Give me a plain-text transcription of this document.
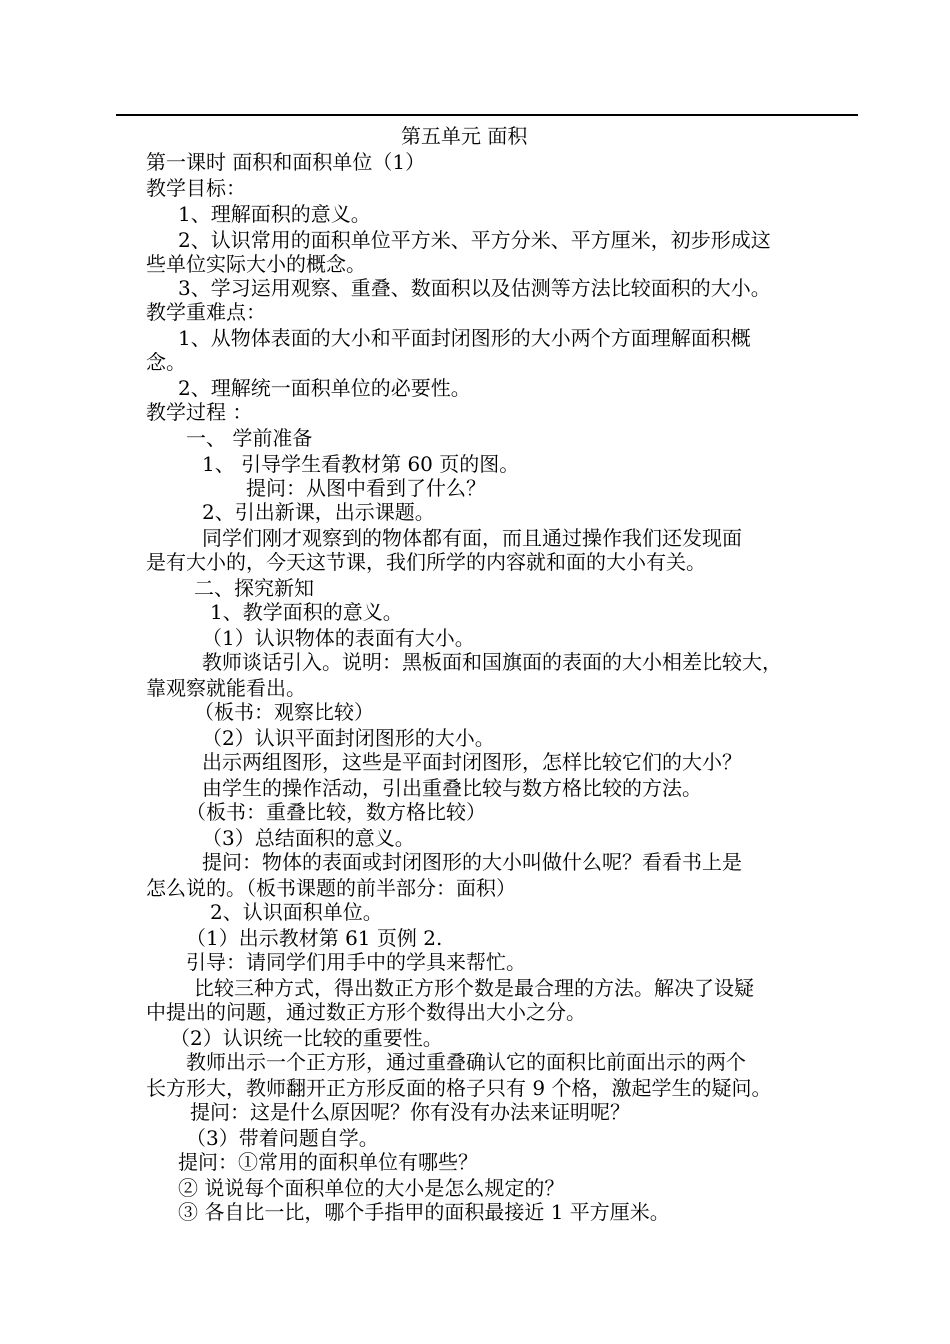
第五单元 面积
第一课时 面积和面积单位（1）
教学目标：
1、理解面积的意义。
2、认识常用的面积单位平方米、平方分米、平方厘米，初步形成这
些单位实际大小的概念。
3、学习运用观察、重叠、数面积以及估测等方法比较面积的大小。
教学重难点：
1、从物体表面的大小和平面封闭图形的大小两个方面理解面积概
念。
2、理解统一面积单位的必要性。
教学过程 ：
一、 学前准备
1、 引导学生看教材第 60 页的图。
提问：从图中看到了什么？
2、引出新课，出示课题。
同学们刚才观察到的物体都有面，而且通过操作我们还发现面
是有大小的，今天这节课，我们所学的内容就和面的大小有关。
二、探究新知
1、教学面积的意义。
（1）认识物体的表面有大小。
教师谈话引入。说明：黑板面和国旗面的表面的大小相差比较大，
靠观察就能看出。
（板书：观察比较）
（2）认识平面封闭图形的大小。
出示两组图形，这些是平面封闭图形，怎样比较它们的大小？
由学生的操作活动，引出重叠比较与数方格比较的方法。
（板书：重叠比较，数方格比较）
（3）总结面积的意义。
提问：物体的表面或封闭图形的大小叫做什么呢？看看书上是
怎么说的。（板书课题的前半部分：面积）
2、认识面积单位。
（1）出示教材第 61 页例 2.
引导：请同学们用手中的学具来帮忙。
比较三种方式，得出数正方形个数是最合理的方法。解决了设疑
中提出的问题，通过数正方形个数得出大小之分。
（2）认识统一比较的重要性。
教师出示一个正方形，通过重叠确认它的面积比前面出示的两个
长方形大，教师翻开正方形反面的格子只有 9 个格，激起学生的疑问。
提问：这是什么原因呢？你有没有办法来证明呢？
（3）带着问题自学。
提问：①常用的面积单位有哪些？
② 说说每个面积单位的大小是怎么规定的？
③ 各自比一比，哪个手指甲的面积最接近 1 平方厘米。
